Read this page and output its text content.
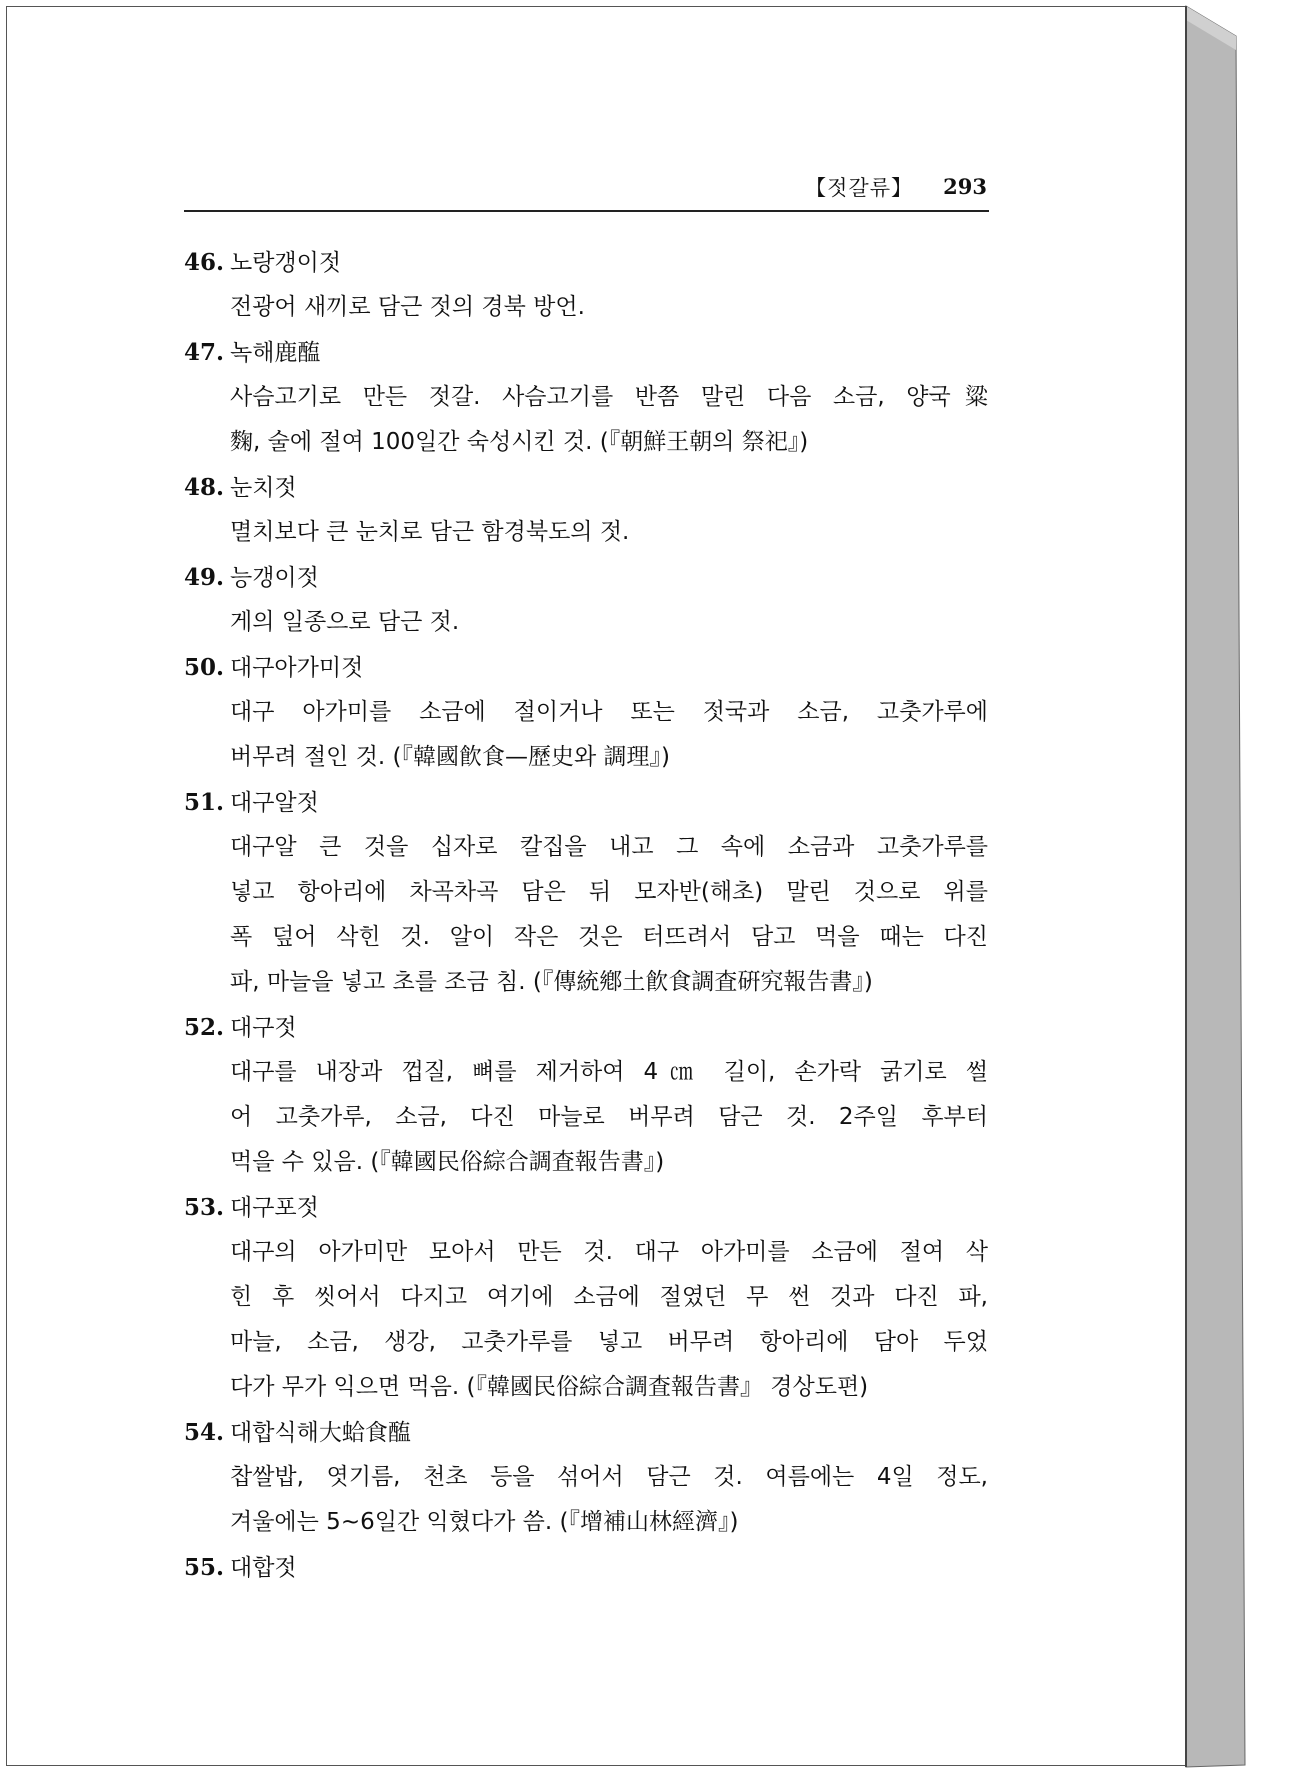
【젓갈류】 293
46. 노랑갱이젓
전광어 새끼로 담근 젓의 경북 방언.
47. 녹해鹿醢
사슴고기로 만든 젓갈. 사슴고기를 반쯤 말린 다음 소금, 양국粱
麴, 술에 절여 100일간 숙성시킨 것. (『朝鮮王朝의 祭祀』)
48. 눈치젓
멸치보다 큰 눈치로 담근 함경북도의 젓.
49. 능갱이젓
게의 일종으로 담근 젓.
50. 대구아가미젓
대구 아가미를 소금에 절이거나 또는 젓국과 소금, 고춧가루에
버무려 절인 것. (『韓國飮食—歷史와 調理』)
51. 대구알젓
대구알 큰 것을 십자로 칼집을 내고 그 속에 소금과 고춧가루를
넣고 항아리에 차곡차곡 담은 뒤 모자반(해초) 말린 것으로 위를
폭 덮어 삭힌 것. 알이 작은 것은 터뜨려서 담고 먹을 때는 다진
파, 마늘을 넣고 초를 조금 침. (『傳統鄕土飮食調査硏究報告書』)
52. 대구젓
대구를 내장과 껍질, 뼈를 제거하여 4㎝ 길이, 손가락 굵기로 썰
어 고춧가루, 소금, 다진 마늘로 버무려 담근 것. 2주일 후부터
먹을 수 있음. (『韓國民俗綜合調査報告書』)
53. 대구포젓
대구의 아가미만 모아서 만든 것. 대구 아가미를 소금에 절여 삭
힌 후 씻어서 다지고 여기에 소금에 절였던 무 썬 것과 다진 파,
마늘, 소금, 생강, 고춧가루를 넣고 버무려 항아리에 담아 두었
다가 무가 익으면 먹음. (『韓國民俗綜合調査報告書』 경상도편)
54. 대합식해大蛤食醢
찹쌀밥, 엿기름, 천초 등을 섞어서 담근 것. 여름에는 4일 정도,
겨울에는 5~6일간 익혔다가 씀. (『增補山林經濟』)
55. 대합젓
